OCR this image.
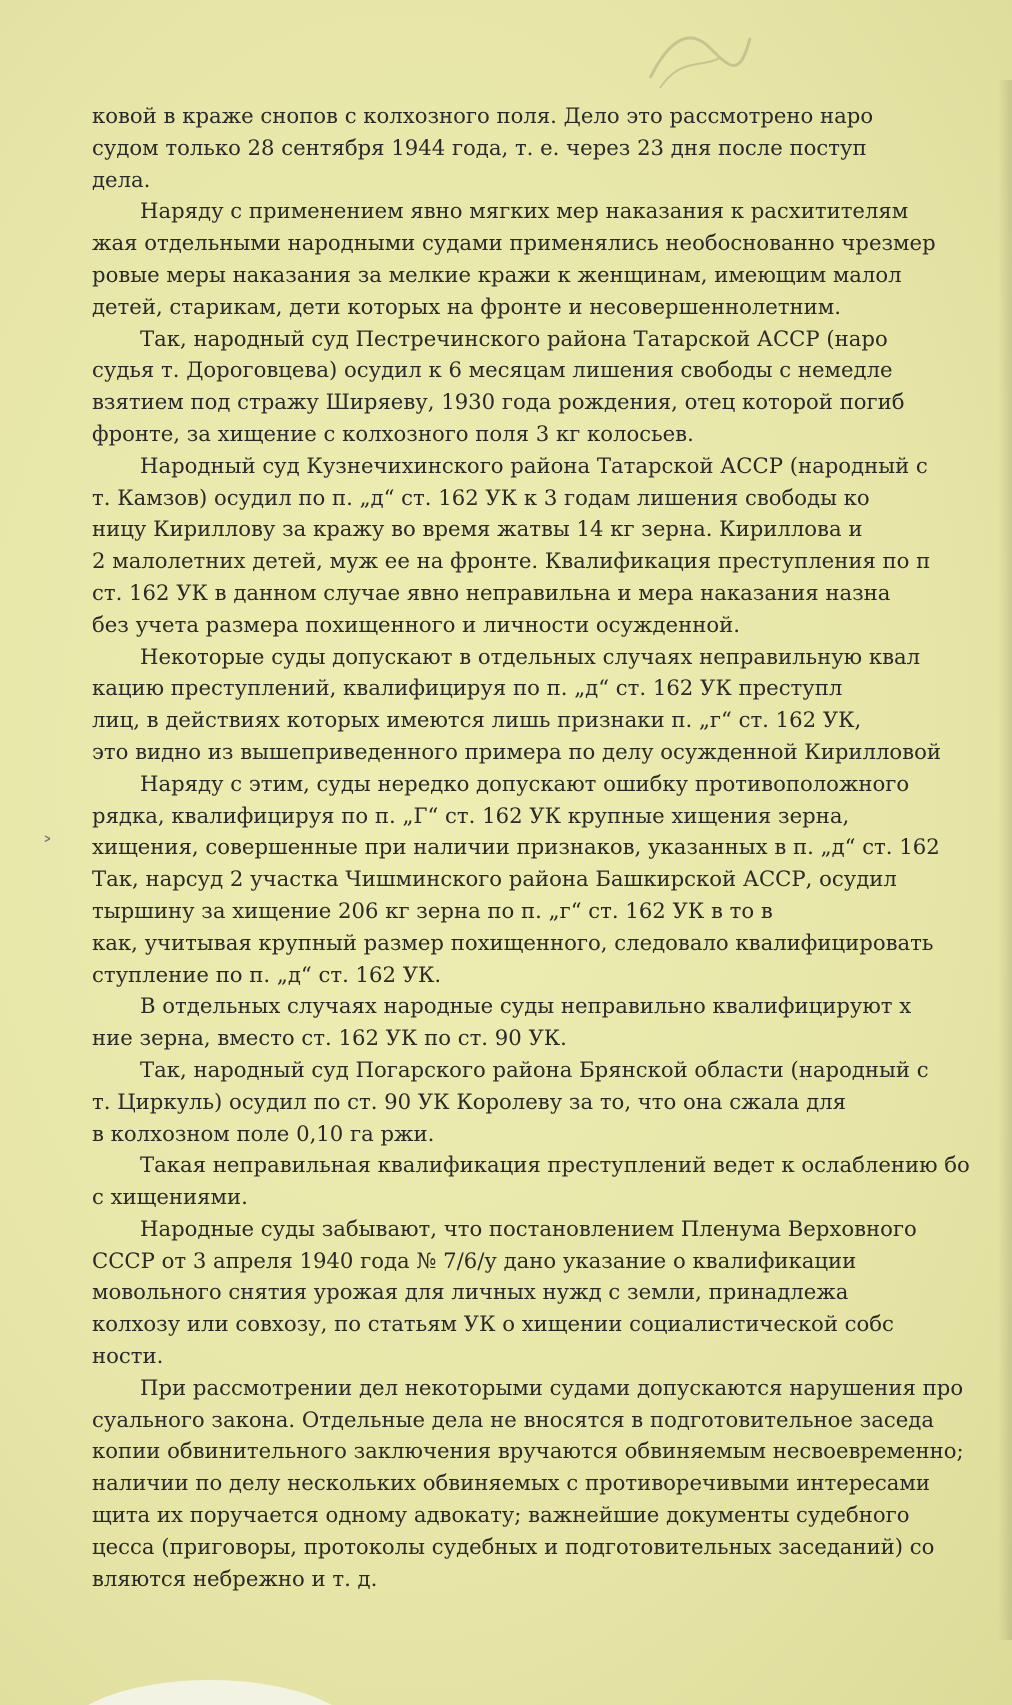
˃
ковой в краже снопов с колхозного поля. Дело это рассмотрено наро
судом только 28 сентября 1944 года, т. е. через 23 дня после поступ
дела.
Наряду с применением явно мягких мер наказания к расхитителям
жая отдельными народными судами применялись необоснованно чрезмер
ровые меры наказания за мелкие кражи к женщинам, имеющим малол
детей, старикам, дети которых на фронте и несовершеннолетним.
Так, народный суд Пестречинского района Татарской АССР (наро
судья т. Дороговцева) осудил к 6 месяцам лишения свободы с немедле
взятием под стражу Ширяеву, 1930 года рождения, отец которой погиб
фронте, за хищение с колхозного поля 3 кг колосьев.
Народный суд Кузнечихинского района Татарской АССР (народный с
т. Камзов) осудил по п. „д“ ст. 162 УК к 3 годам лишения свободы ко
ницу Кириллову за кражу во время жатвы 14 кг зерна. Кириллова и
2 малолетних детей, муж ее на фронте. Квалификация преступления по п
ст. 162 УК в данном случае явно неправильна и мера наказания назна
без учета размера похищенного и личности осужденной.
Некоторые суды допускают в отдельных случаях неправильную квал
кацию преступлений, квалифицируя по п. „д“ ст. 162 УК преступл
лиц, в действиях которых имеются лишь признаки п. „г“ ст. 162 УК,
это видно из вышеприведенного примера по делу осужденной Кирилловой
Наряду с этим, суды нередко допускают ошибку противоположного
рядка, квалифицируя по п. „Г“ ст. 162 УК крупные хищения зерна,
хищения, совершенные при наличии признаков, указанных в п. „д“ ст. 162
Так, нарсуд 2 участка Чишминского района Башкирской АССР, осудил
тыршину за хищение 206 кг зерна по п. „г“ ст. 162 УК в то в
как, учитывая крупный размер похищенного, следовало квалифицировать
ступление по п. „д“ ст. 162 УК.
В отдельных случаях народные суды неправильно квалифицируют х
ние зерна, вместо ст. 162 УК по ст. 90 УК.
Так, народный суд Погарского района Брянской области (народный с
т. Циркуль) осудил по ст. 90 УК Королеву за то, что она сжала для
в колхозном поле 0,10 га ржи.
Такая неправильная квалификация преступлений ведет к ослаблению бо
с хищениями.
Народные суды забывают, что постановлением Пленума Верховного
СССР от 3 апреля 1940 года № 7/6/у дано указание о квалификации
мовольного снятия урожая для личных нужд с земли, принадлежа
колхозу или совхозу, по статьям УК о хищении социалистической собс
ности.
При рассмотрении дел некоторыми судами допускаются нарушения про
суального закона. Отдельные дела не вносятся в подготовительное заседа
копии обвинительного заключения вручаются обвиняемым несвоевременно;
наличии по делу нескольких обвиняемых с противоречивыми интересами
щита их поручается одному адвокату; важнейшие документы судебного
цесса (приговоры, протоколы судебных и подготовительных заседаний) со
вляются небрежно и т. д.
